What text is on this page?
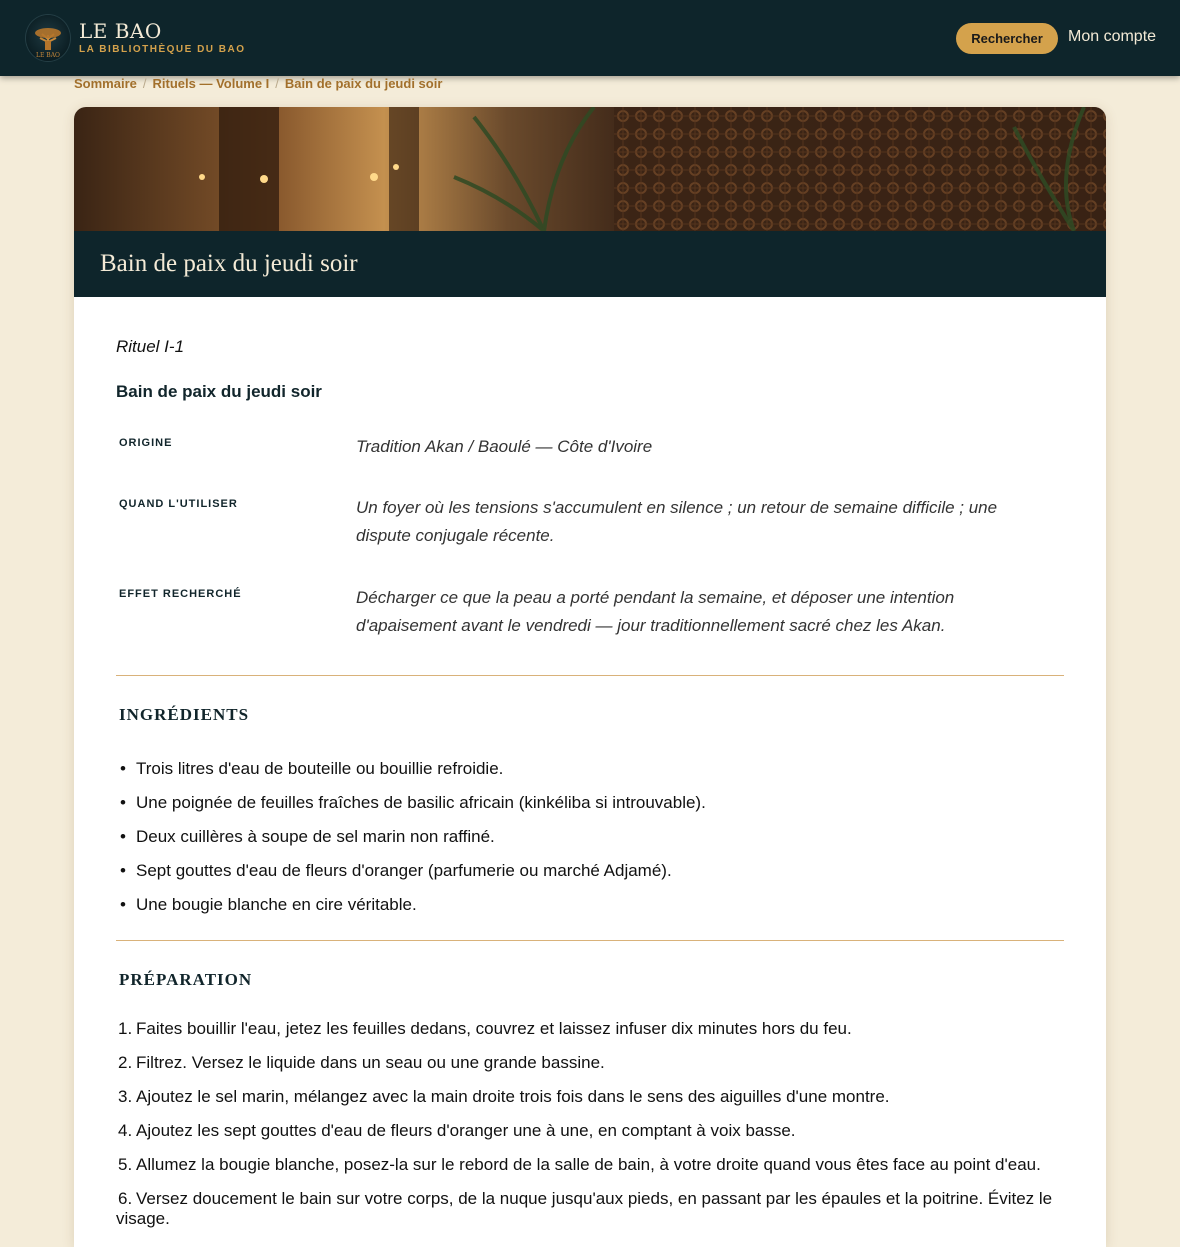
LE BAO
LE BAO
LA BIBLIOTHÈQUE DU BAO
Rechercher	Mon compte
Sommaire / Rituels — Volume I / Bain de paix du jeudi soir
Bain de paix du jeudi soir
Rituel I-1
Bain de paix du jeudi soir
ORIGINE	Tradition Akan / Baoulé — Côte d'Ivoire
QUAND L'UTILISER	Un foyer où les tensions s'accumulent en silence ; un retour de semaine difficile ; une dispute conjugale récente.
EFFET RECHERCHÉ	Décharger ce que la peau a porté pendant la semaine, et déposer une intention d'apaisement avant le vendredi — jour traditionnellement sacré chez les Akan.
INGRÉDIENTS
PRÉPARATION
• Trois litres d'eau de bouteille ou bouillie refroidie.
• Une poignée de feuilles fraîches de basilic africain (kinkéliba si introuvable).
• Deux cuillères à soupe de sel marin non raffiné.
• Sept gouttes d'eau de fleurs d'oranger (parfumerie ou marché Adjamé).
• Une bougie blanche en cire véritable.
1. Faites bouillir l'eau, jetez les feuilles dedans, couvrez et laissez infuser dix minutes hors du feu.
2. Filtrez. Versez le liquide dans un seau ou une grande bassine.
3. Ajoutez le sel marin, mélangez avec la main droite trois fois dans le sens des aiguilles d'une montre.
4. Ajoutez les sept gouttes d'eau de fleurs d'oranger une à une, en comptant à voix basse.
5. Allumez la bougie blanche, posez-la sur le rebord de la salle de bain, à votre droite quand vous êtes face au point d'eau.
6. Versez doucement le bain sur votre corps, de la nuque jusqu'aux pieds, en passant par les épaules et la poitrine. Évitez le visage.
